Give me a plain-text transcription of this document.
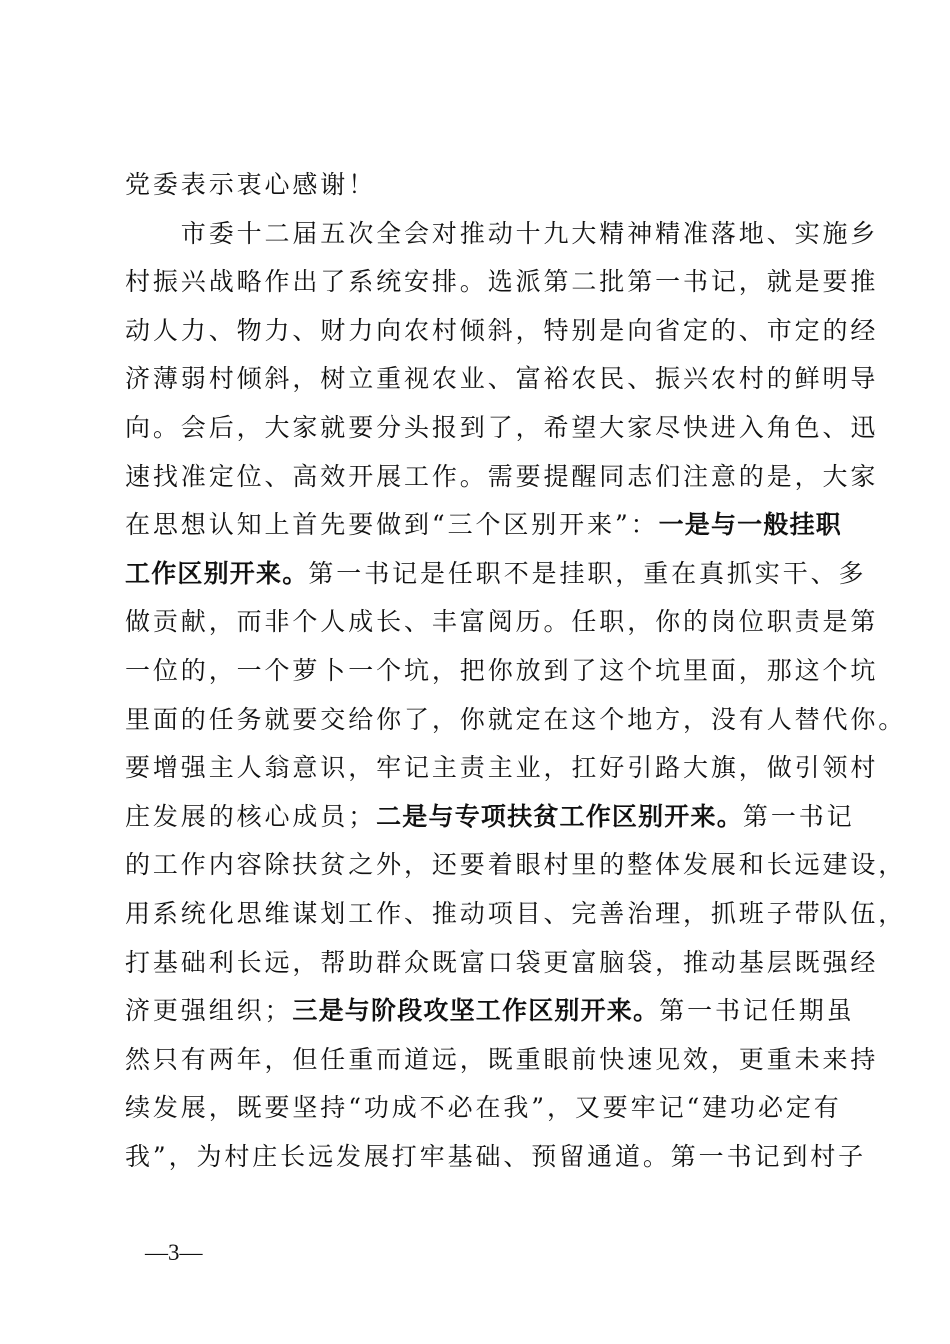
党委表示衷心感谢！
　　市委十二届五次全会对推动十九大精神精准落地、实施乡
村振兴战略作出了系统安排。选派第二批第一书记，就是要推
动人力、物力、财力向农村倾斜，特别是向省定的、市定的经
济薄弱村倾斜，树立重视农业、富裕农民、振兴农村的鲜明导
向。会后，大家就要分头报到了，希望大家尽快进入角色、迅
速找准定位、高效开展工作。需要提醒同志们注意的是，大家
在思想认知上首先要做到“三个区别开来”：一是与一般挂职
工作区别开来。第一书记是任职不是挂职，重在真抓实干、多
做贡献，而非个人成长、丰富阅历。任职，你的岗位职责是第
一位的，一个萝卜一个坑，把你放到了这个坑里面，那这个坑
里面的任务就要交给你了，你就定在这个地方，没有人替代你。
要增强主人翁意识，牢记主责主业，扛好引路大旗，做引领村
庄发展的核心成员；二是与专项扶贫工作区别开来。第一书记
的工作内容除扶贫之外，还要着眼村里的整体发展和长远建设，
用系统化思维谋划工作、推动项目、完善治理，抓班子带队伍，
打基础利长远，帮助群众既富口袋更富脑袋，推动基层既强经
济更强组织；三是与阶段攻坚工作区别开来。第一书记任期虽
然只有两年，但任重而道远，既重眼前快速见效，更重未来持
续发展，既要坚持“功成不必在我”，又要牢记“建功必定有
我”，为村庄长远发展打牢基础、预留通道。第一书记到村子
—3—
